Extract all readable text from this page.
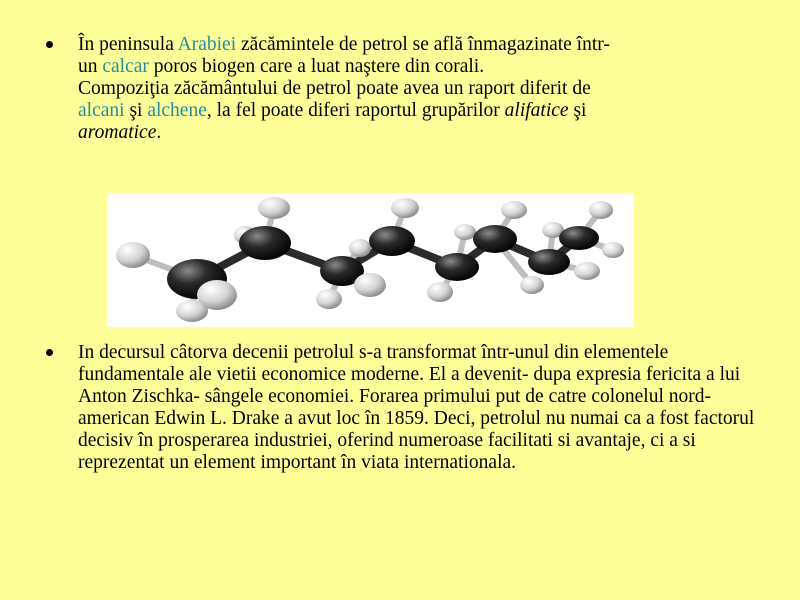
În peninsula Arabiei zăcămintele de petrol se află înmagazinate într-
un calcar poros biogen care a luat naştere din corali.
Compoziţia zăcământului de petrol poate avea un raport diferit de
alcani şi alchene, la fel poate diferi raportul grupărilor alifatice şi
aromatice.
In decursul câtorva decenii petrolul s-a transformat într-unul din elementele fundamentale ale vietii economice moderne. El a devenit- dupa expresia fericita a lui Anton Zischka- sângele economiei. Forarea primului put de catre colonelul nord- american Edwin L. Drake a avut loc în 1859. Deci, petrolul nu numai ca a fost factorul decisiv în prosperarea industriei, oferind numeroase facilitati si avantaje, ci a si reprezentat un element important în viata internationala.
